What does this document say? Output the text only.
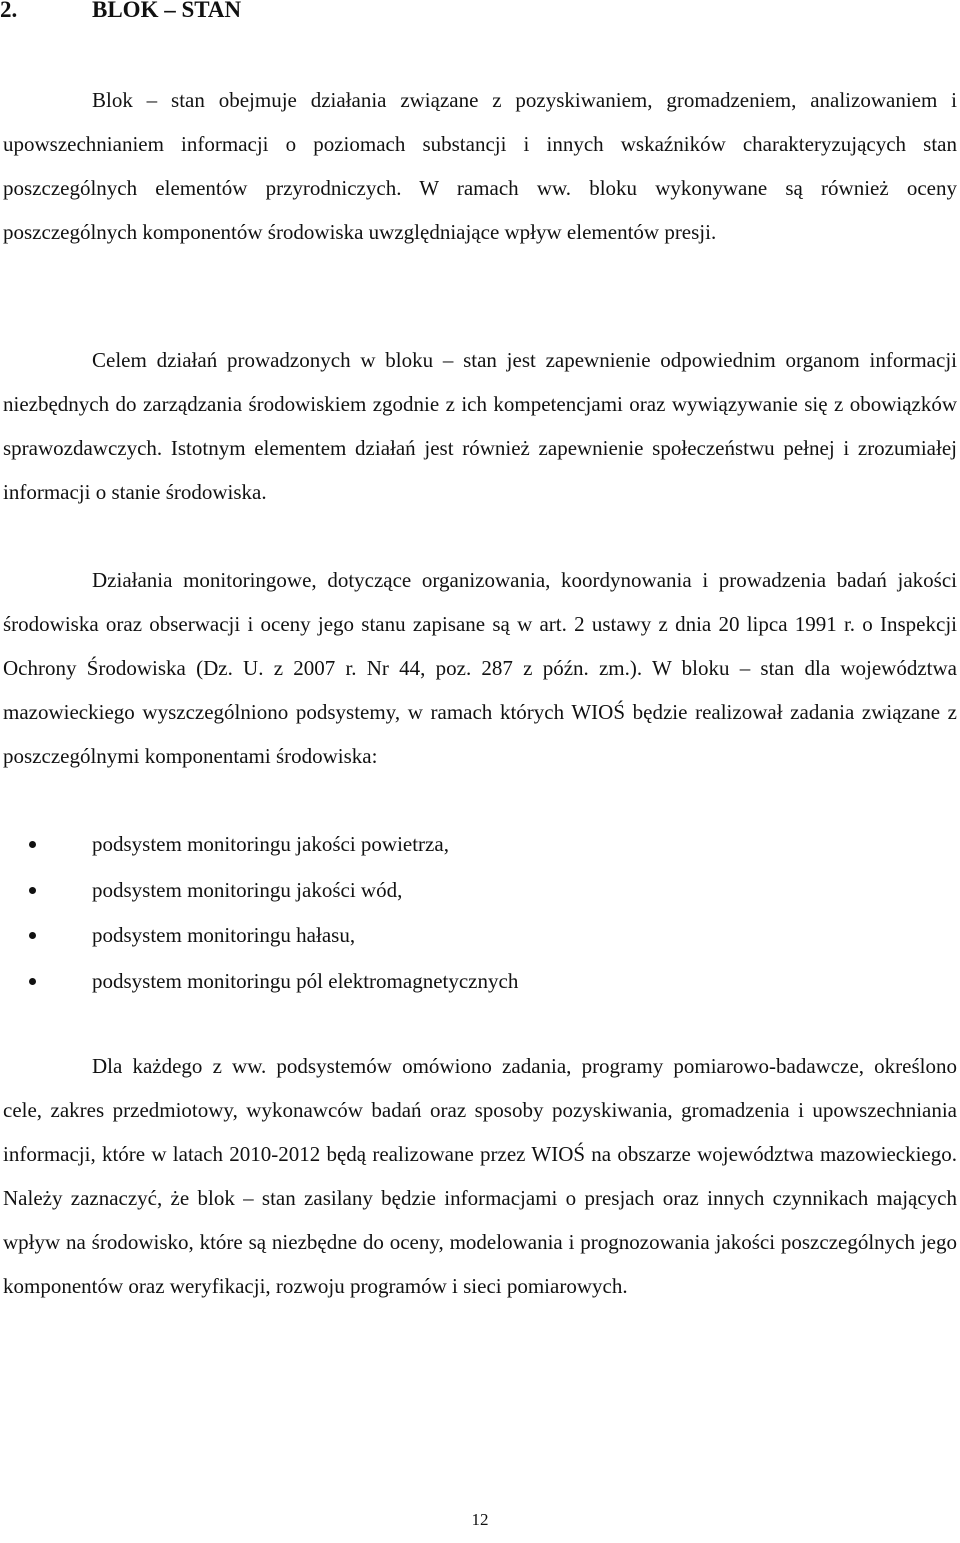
2.	BLOK – STAN

Blok – stan obejmuje działania związane z pozyskiwaniem, gromadzeniem, analizowaniem i upowszechnianiem informacji o poziomach substancji i innych wskaźników charakteryzujących stan poszczególnych elementów przyrodniczych. W ramach ww. bloku wykonywane są również oceny poszczególnych komponentów środowiska uwzględniające wpływ elementów presji.

Celem działań prowadzonych w bloku – stan jest zapewnienie odpowiednim organom informacji niezbędnych do zarządzania środowiskiem zgodnie z ich kompetencjami oraz wywiązywanie się z obowiązków sprawozdawczych. Istotnym elementem działań jest również zapewnienie społeczeństwu pełnej i zrozumiałej informacji o stanie środowiska.

Działania monitoringowe, dotyczące organizowania, koordynowania i prowadzenia badań jakości środowiska oraz obserwacji i oceny jego stanu zapisane są w art. 2 ustawy z dnia 20 lipca 1991 r. o Inspekcji Ochrony Środowiska (Dz. U. z 2007 r. Nr 44, poz. 287 z późn. zm.). W bloku – stan dla województwa mazowieckiego wyszczególniono podsystemy, w ramach których WIOŚ będzie realizował zadania związane z poszczególnymi komponentami środowiska:

podsystem monitoringu jakości powietrza,
podsystem monitoringu jakości wód,
podsystem monitoringu hałasu,
podsystem monitoringu pól elektromagnetycznych

Dla każdego z ww. podsystemów omówiono zadania, programy pomiarowo-badawcze, określono cele, zakres przedmiotowy, wykonawców badań oraz sposoby pozyskiwania, gromadzenia i upowszechniania informacji, które w latach 2010-2012 będą realizowane przez WIOŚ na obszarze województwa mazowieckiego. Należy zaznaczyć, że blok – stan zasilany będzie informacjami o presjach oraz innych czynnikach mających wpływ na środowisko, które są niezbędne do oceny, modelowania i prognozowania jakości poszczególnych jego komponentów oraz weryfikacji, rozwoju programów i sieci pomiarowych.

12
